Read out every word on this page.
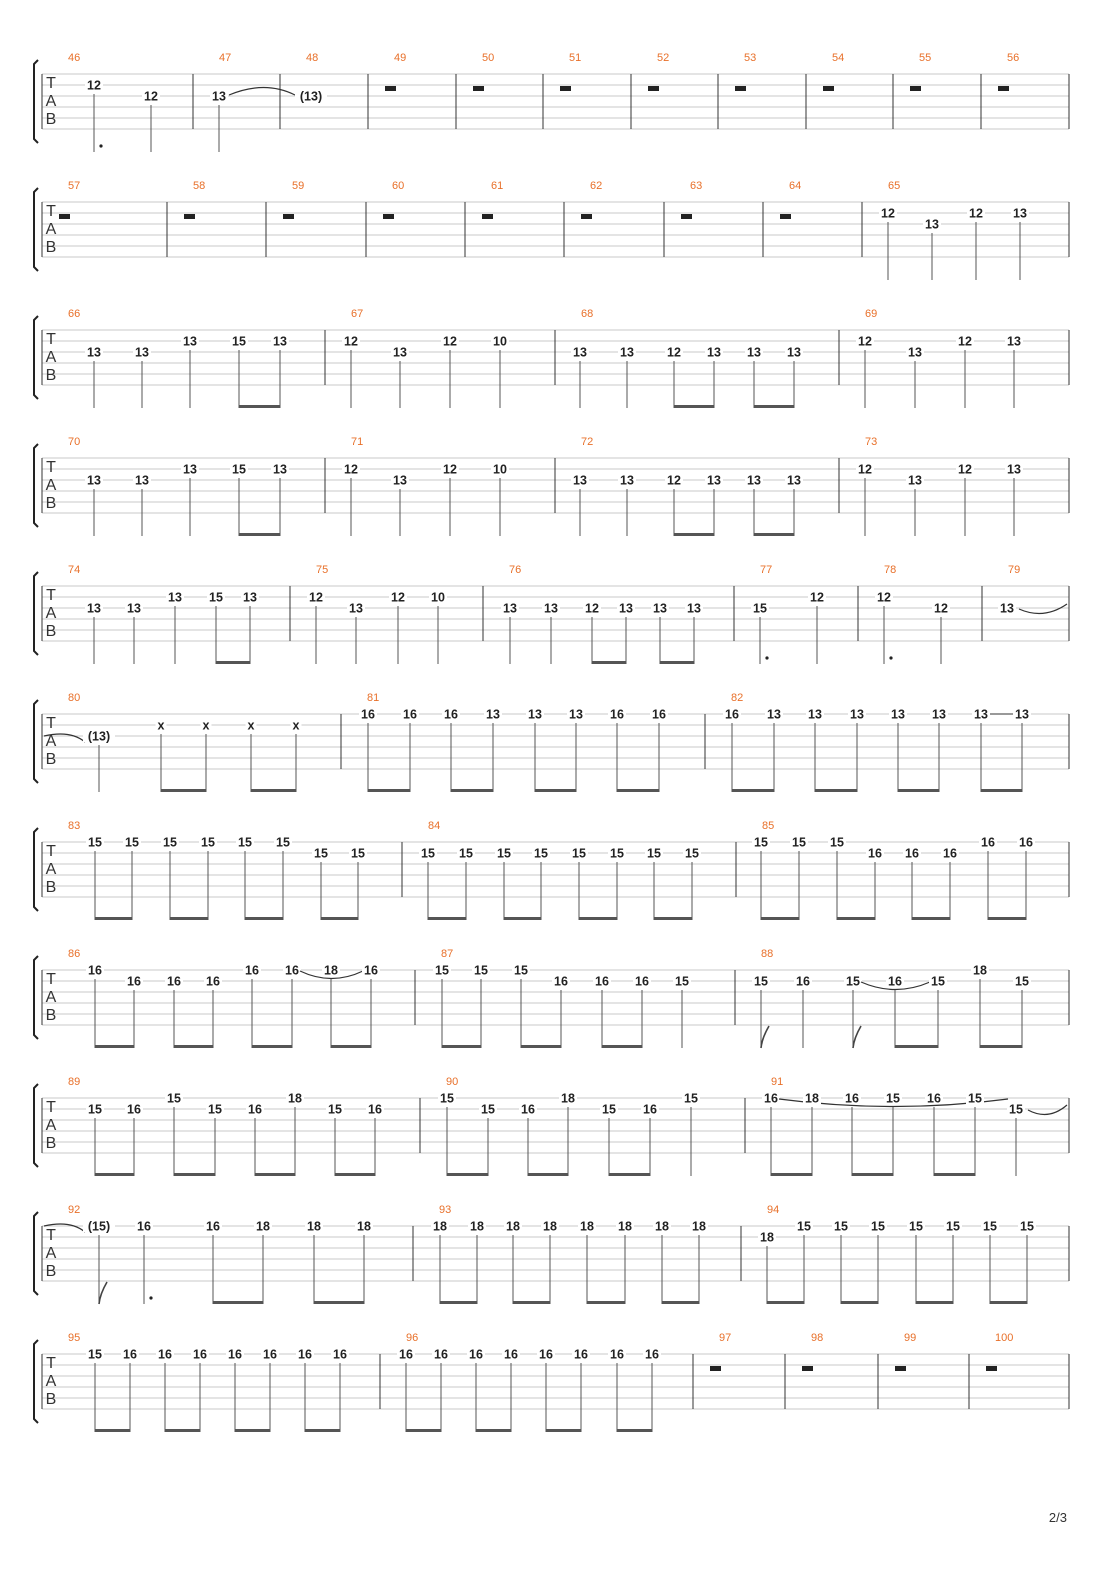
T
A
B
46
12
12
47
13
48
(13)
49	50	51	52	53	54	55	56
T
A
B
57	58	59	60	61	62	63	64	65
12
13
12 13
T
A
B
66
13	13
13	15 13
67
12
13
12	10
68
13	13	12 13 13 13
69
12
13
12	13
T
A
B
70
13	13
13	15 13
71
12
13
12	10
72
13	13	12 13 13 13
73
12
13
12	13
T
A
B
74
13 13
13 15 13
75
12
13
12 10
76
13 13 12 13 13 13
77
15
12
78
12
12
79
13
T
A
B
80
(13)
x	x	x	x
81
16 16 16 13 13 13 16 16
82
16 13 13 13 13 13 13 13
T
A
B
83
15 15 15 15 15 15
15 15
84
15 15 15 15 15 15 15 15
85
15 15 15
16 16 16
16 16
T
A
B
86
16
16 16 16
16 16 18 16
87
15 15 15
16 16 16 15
88
15 16	15 16 15
18
15
T
A
B
89
15 16
15
15 16
18
15 16
90
15
15 16
18
15 16
15
91
16 18 16 15 16 15
15
T
A
B
92
(15) 16	16	18	18	18
93
18 18 18 18 18 18 18 18
94
18
15 15 15 15 15 15 15
T
A
B
95
15 16 16 16 16 16 16 16
96
16 16 16 16 16 16 16 16
97	98	99	100
2/3
